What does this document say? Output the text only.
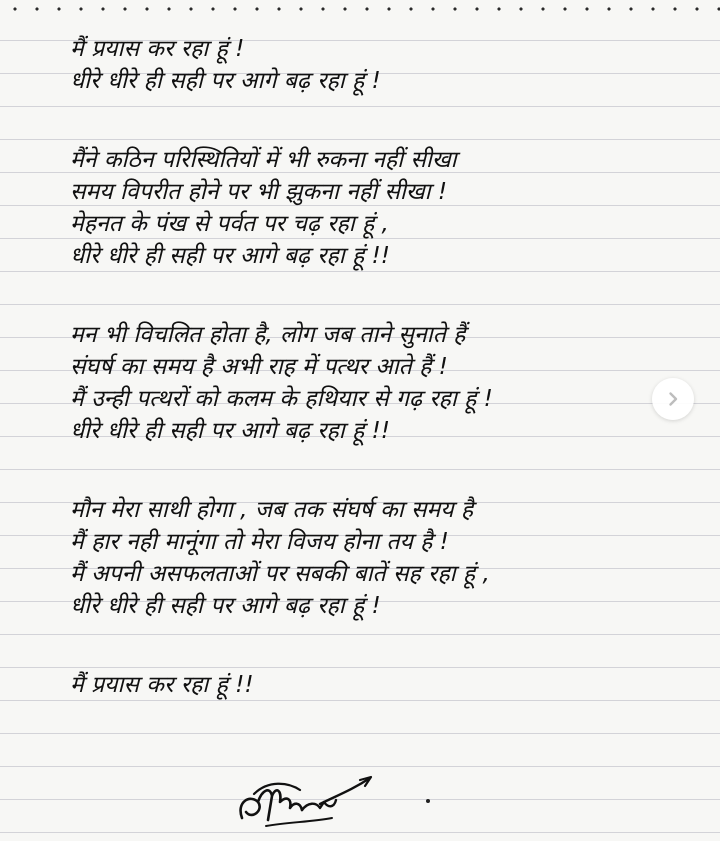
मैं प्रयास कर रहा हूं !
धीरे धीरे ही सही पर आगे बढ़ रहा हूं !
मैंने कठिन परिस्थितियों में भी रुकना नहीं सीखा
समय विपरीत होने पर भी झुकना नहीं सीखा !
मेहनत के पंख से पर्वत पर चढ़ रहा हूं ,
धीरे धीरे ही सही पर आगे बढ़ रहा हूं !!
मन भी विचलित होता है, लोग जब ताने सुनाते हैं
संघर्ष का समय है अभी राह में पत्थर आते हैं !
मैं उन्ही पत्थरों को कलम के हथियार से गढ़ रहा हूं !
धीरे धीरे ही सही पर आगे बढ़ रहा हूं !!
मौन मेरा साथी होगा , जब तक संघर्ष का समय है
मैं हार नही मानूंगा तो मेरा विजय होना तय है !
मैं अपनी असफलताओं पर सबकी बातें सह रहा हूं ,
धीरे धीरे ही सही पर आगे बढ़ रहा हूं !
मैं प्रयास कर रहा हूं !!
